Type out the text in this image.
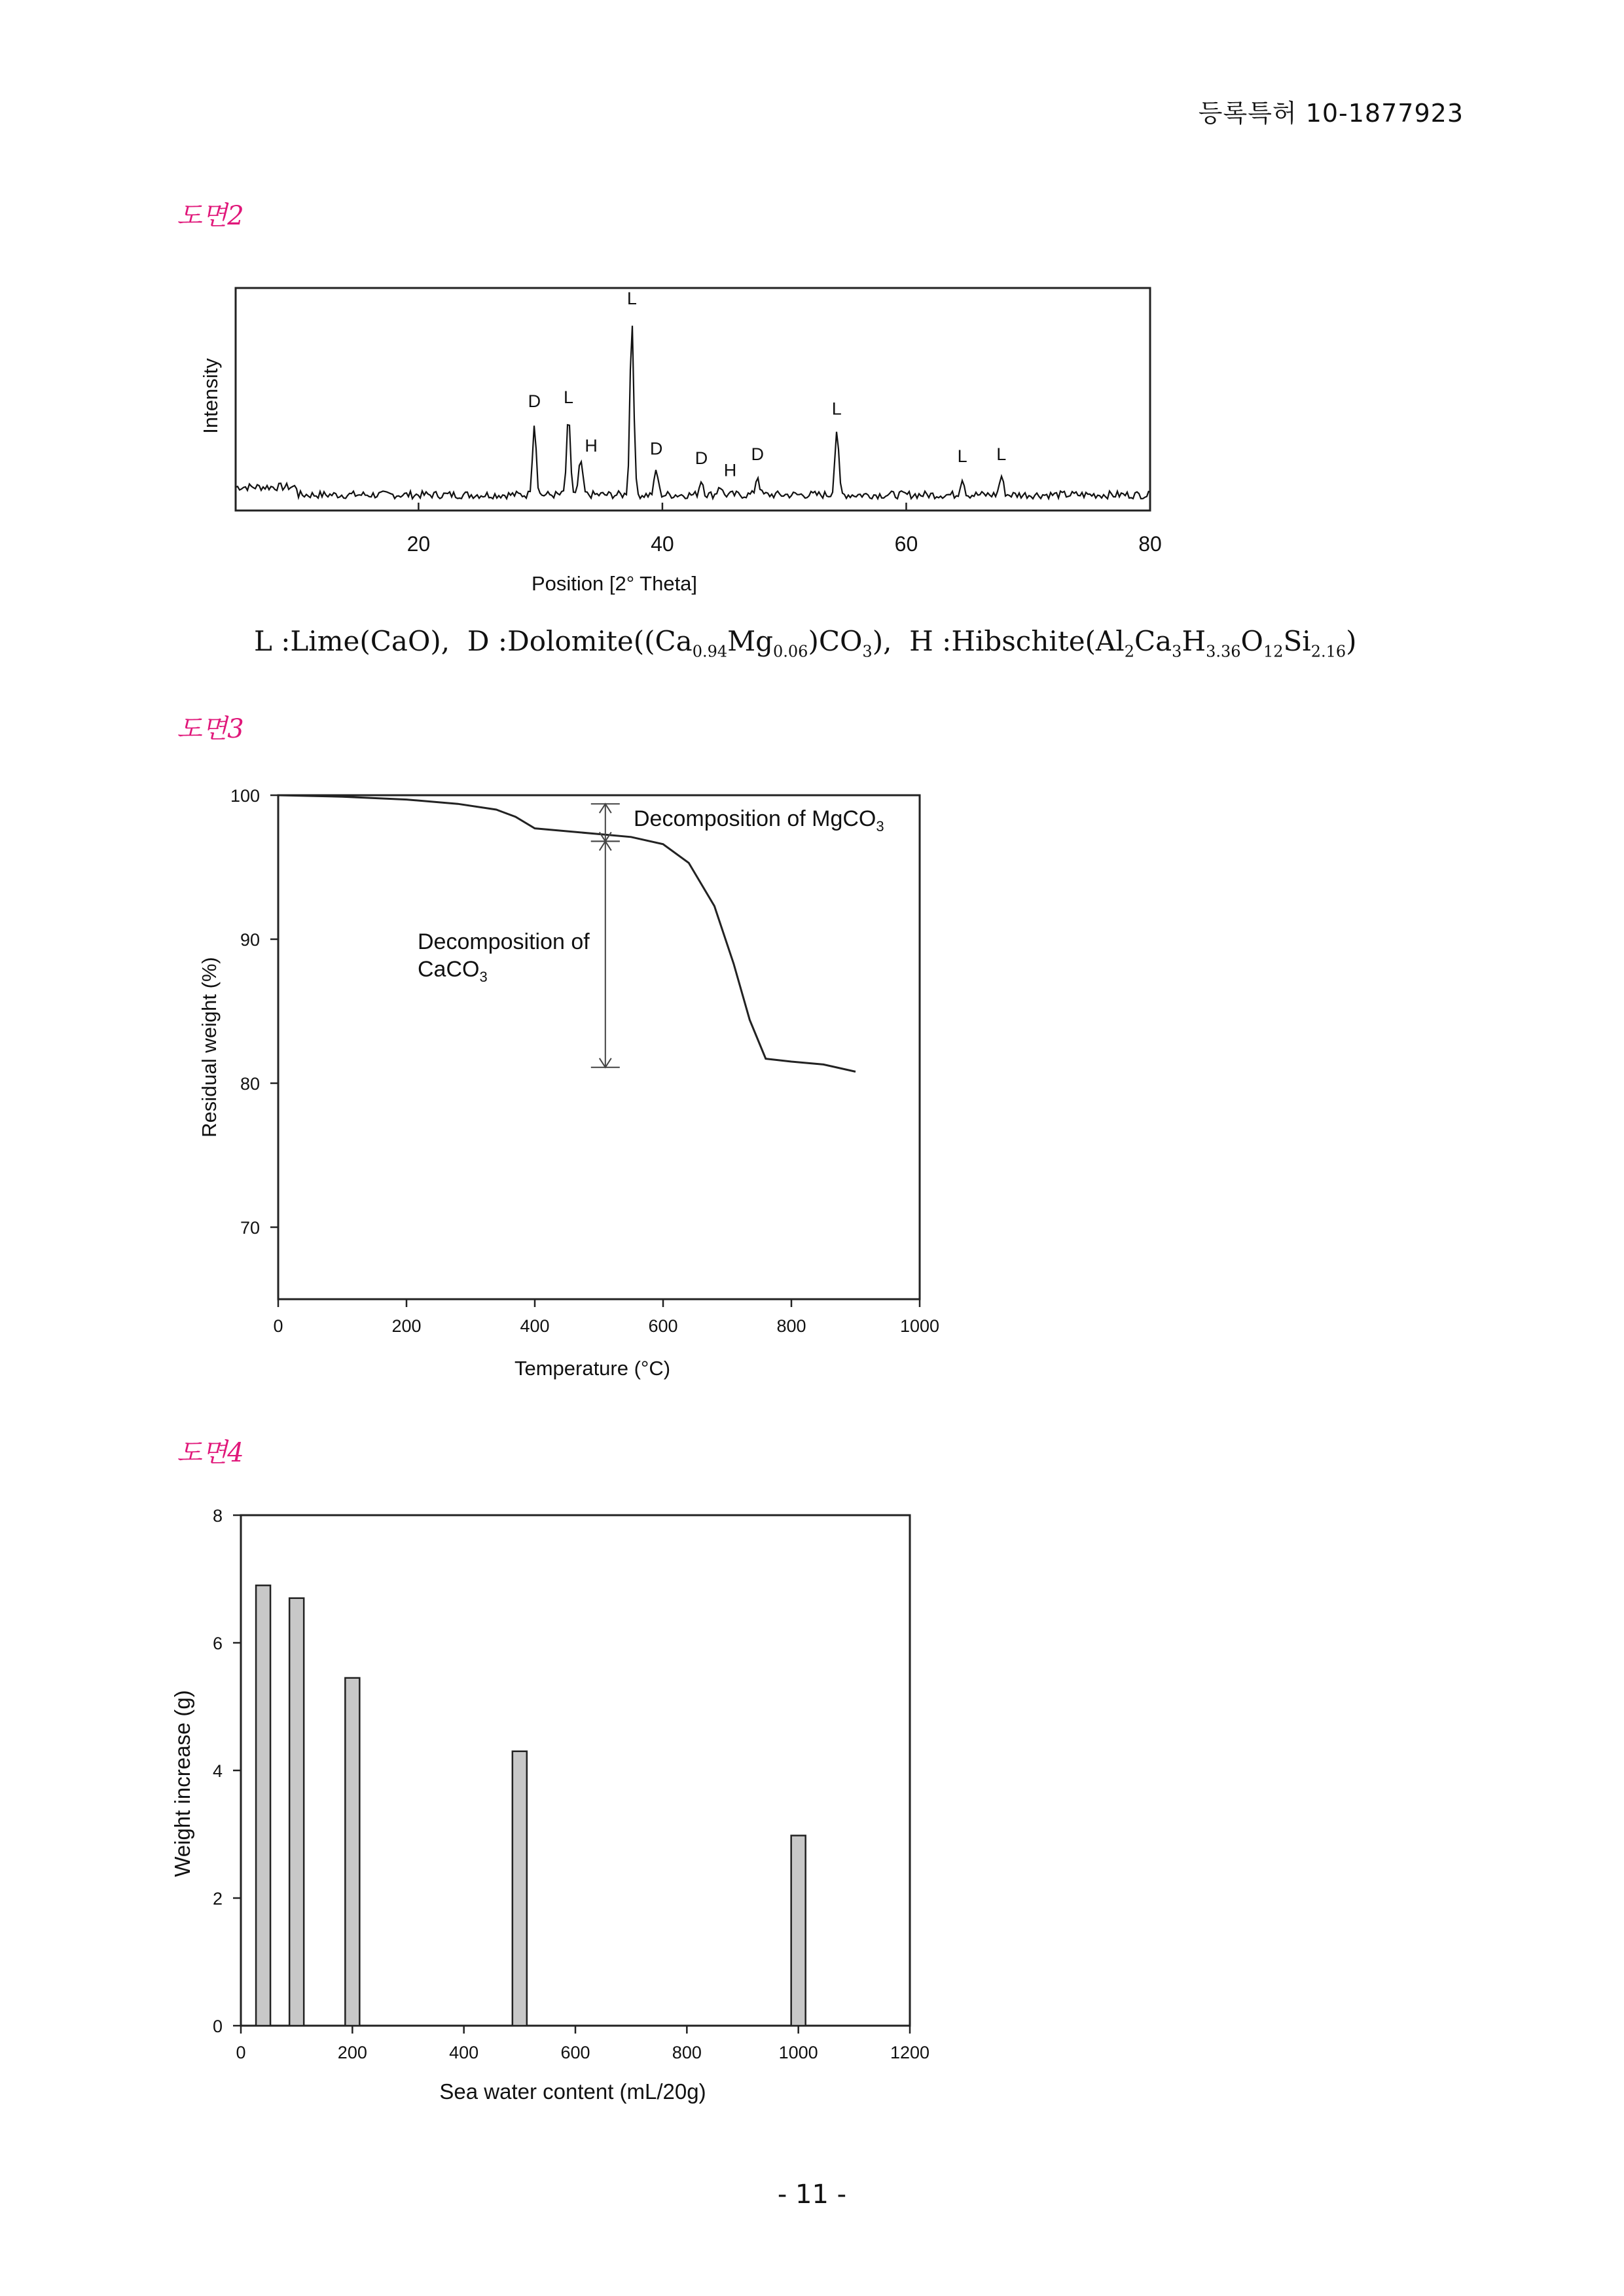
등록특허 10-1877923
도면2
D L
H
L
D D
H
D
L
L L
20	40	60	80
Position [2° Theta]
Intensity
L :Lime(CaO), D $:Dolomite((Ca_{0.94}Mg_{0.06})CO_3)$, H $:Hibschite(Al_2Ca_3H_{3.36}O_{12}Si_{2.16})$
도면3
0	200	400	600	800	1000
70
80
90
100
Temperature (°C)
Residual weight (%)
Decomposition of MgCO$_3$
Decomposition of
CaCO$_3$
도면4
0	200	400	600	800	1000	1200
0
2
4
6
8
Sea water content (mL/20g)
Weight increase (g)
- 11 -
